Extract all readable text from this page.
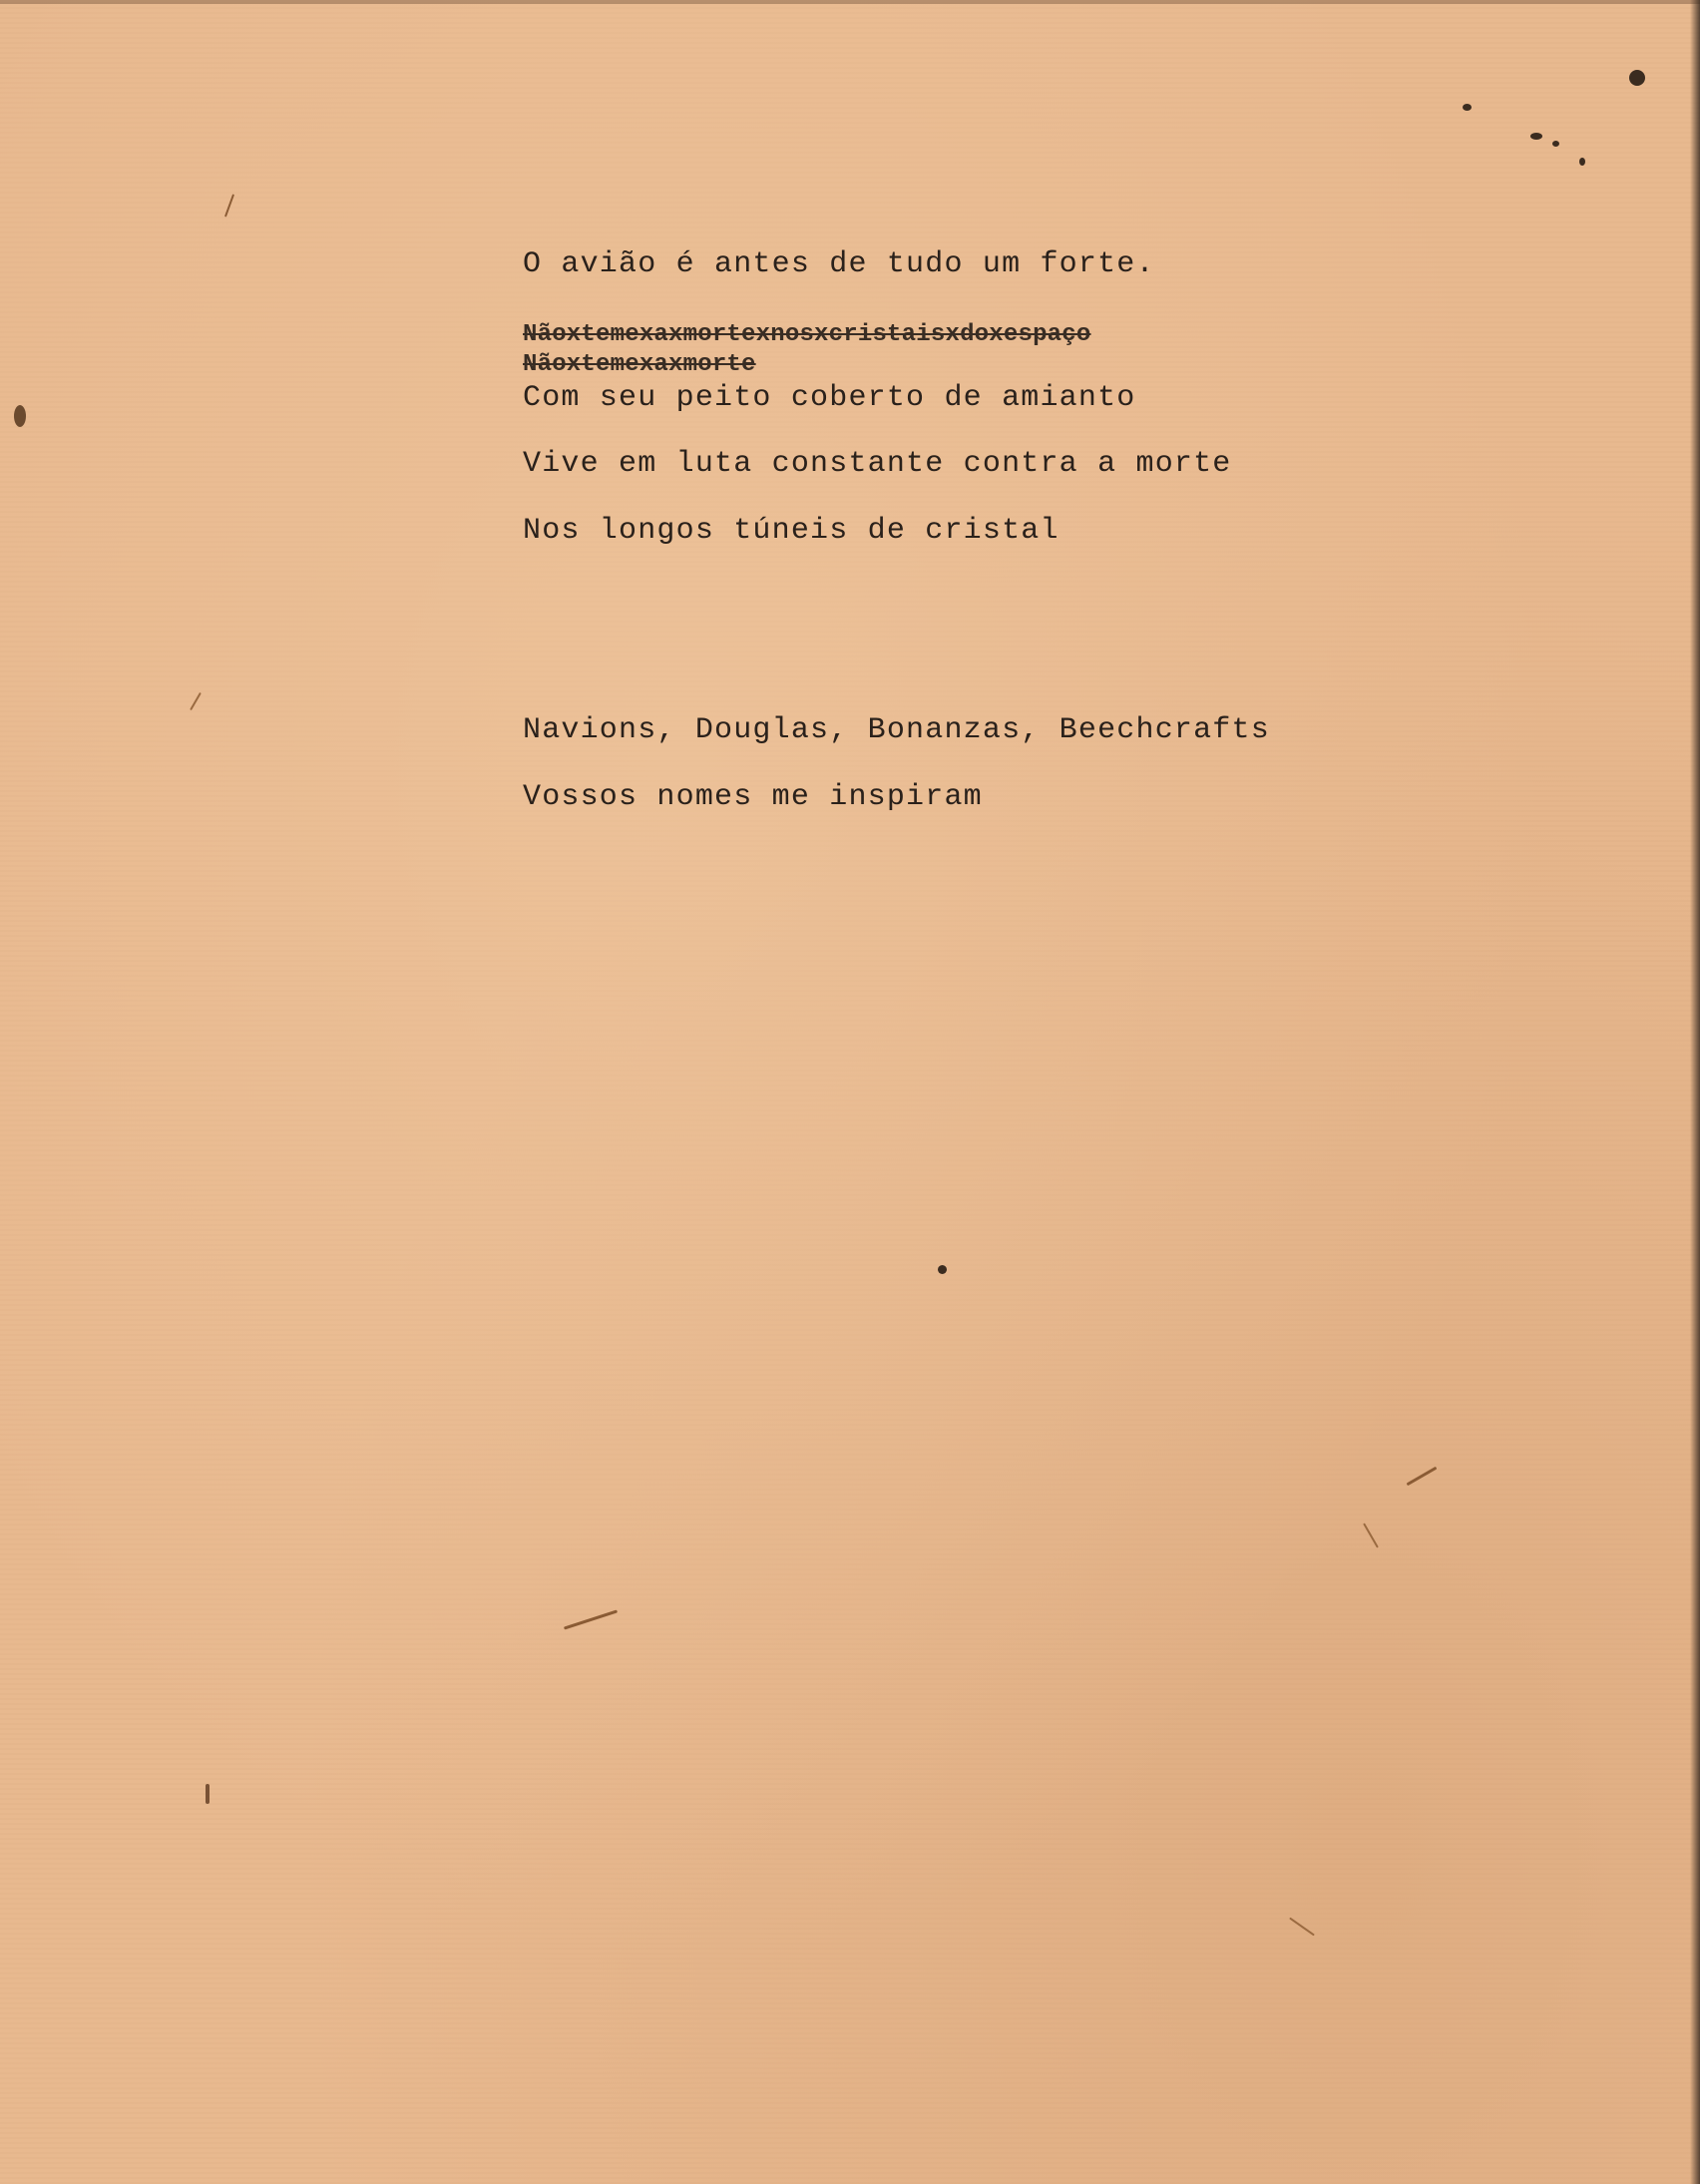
O avião é antes de tudo um forte.
Nãoxtemexaxmortexnosxcristaisxdoxespaço
Nãoxtemexaxmorte
Com seu peito coberto de amianto
Vive em luta constante contra a morte
Nos longos túneis de cristal
Navions, Douglas, Bonanzas, Beechcrafts
Vossos nomes me inspiram
